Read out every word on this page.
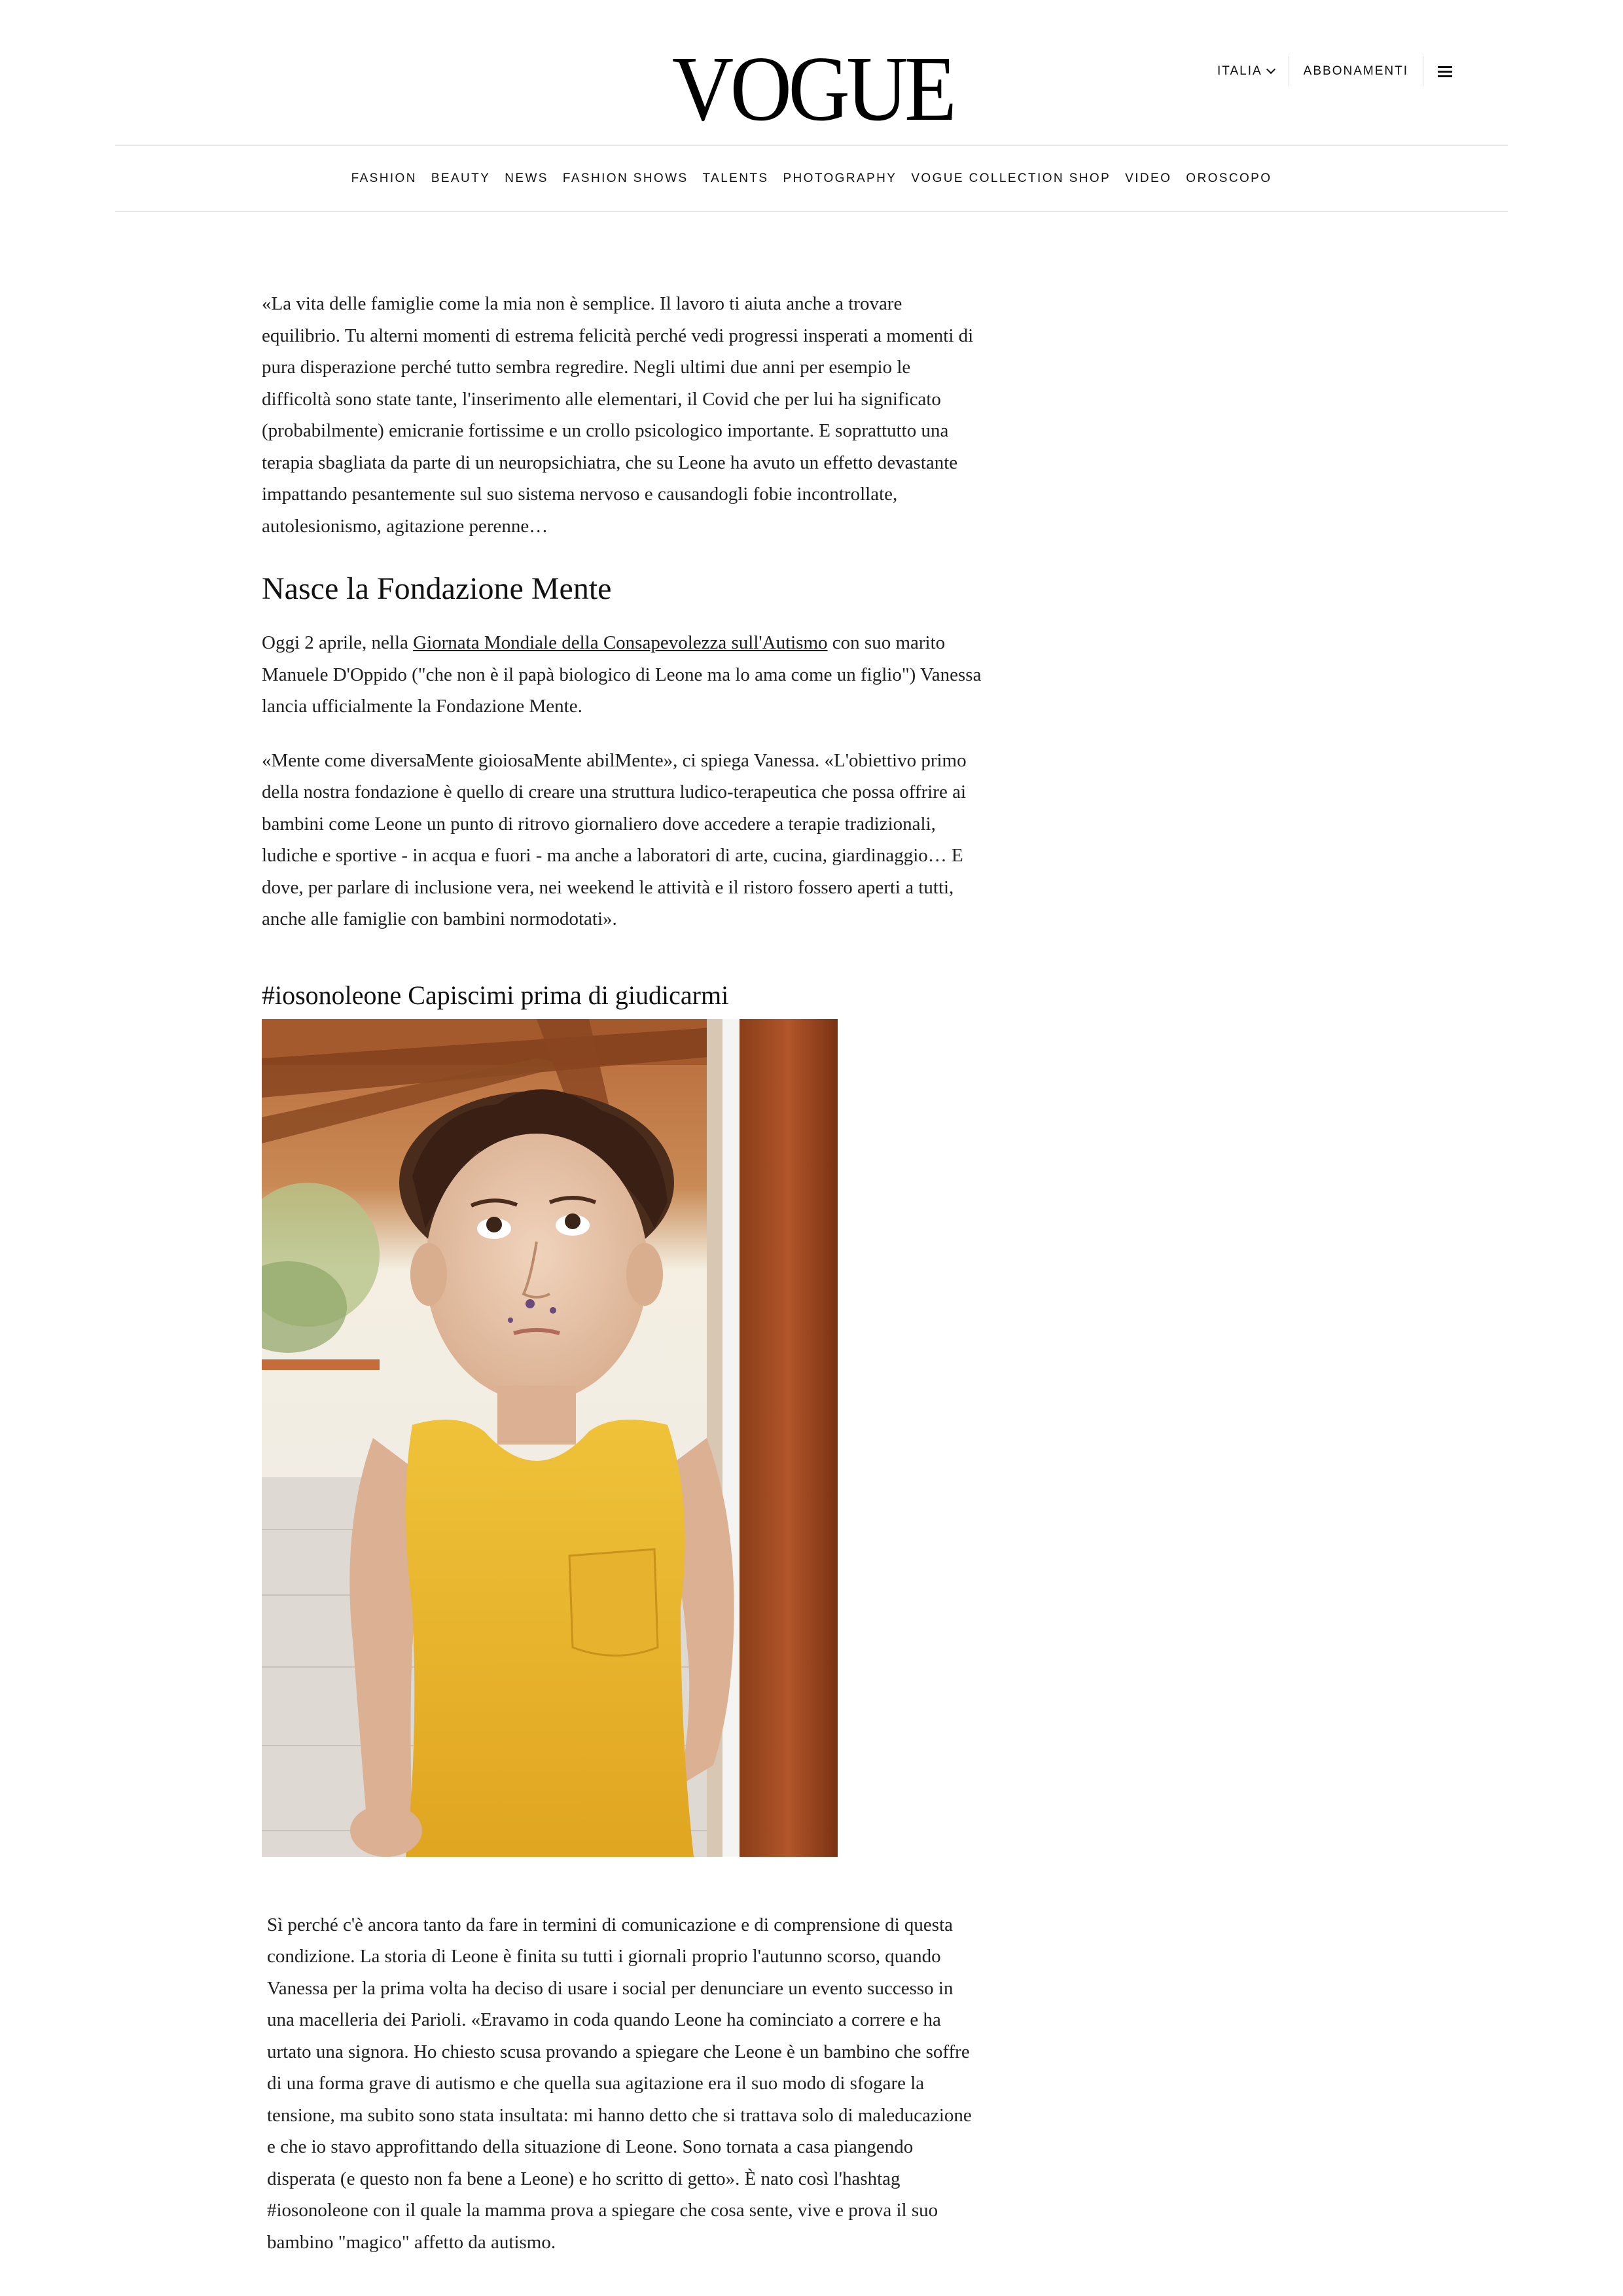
VOGUE	ITALIA	ABBONAMENTI
FASHION BEAUTY NEWS FASHION SHOWS TALENTS PHOTOGRAPHY VOGUE COLLECTION SHOP VIDEO OROSCOPO

«La vita delle famiglie come la mia non è semplice. Il lavoro ti aiuta anche a trovare equilibrio. Tu alterni momenti di estrema felicità perché vedi progressi insperati a momenti di pura disperazione perché tutto sembra regredire. Negli ultimi due anni per esempio le difficoltà sono state tante, l'inserimento alle elementari, il Covid che per lui ha significato (probabilmente) emicranie fortissime e un crollo psicologico importante. E soprattutto una terapia sbagliata da parte di un neuropsichiatra, che su Leone ha avuto un effetto devastante impattando pesantemente sul suo sistema nervoso e causandogli fobie incontrollate, autolesionismo, agitazione perenne…

Nasce la Fondazione Mente

Oggi 2 aprile, nella Giornata Mondiale della Consapevolezza sull'Autismo con suo marito Manuele D'Oppido ("che non è il papà biologico di Leone ma lo ama come un figlio") Vanessa lancia ufficialmente la Fondazione Mente.

«Mente come diversaMente gioiosaMente abilMente», ci spiega Vanessa. «L'obiettivo primo della nostra fondazione è quello di creare una struttura ludico-terapeutica che possa offrire ai bambini come Leone un punto di ritrovo giornaliero dove accedere a terapie tradizionali, ludiche e sportive - in acqua e fuori - ma anche a laboratori di arte, cucina, giardinaggio… E dove, per parlare di inclusione vera, nei weekend le attività e il ristoro fossero aperti a tutti, anche alle famiglie con bambini normodotati».

#iosonoleone Capiscimi prima di giudicarmi

Sì perché c'è ancora tanto da fare in termini di comunicazione e di comprensione di questa condizione. La storia di Leone è finita su tutti i giornali proprio l'autunno scorso, quando Vanessa per la prima volta ha deciso di usare i social per denunciare un evento successo in una macelleria dei Parioli. «Eravamo in coda quando Leone ha cominciato a correre e ha urtato una signora. Ho chiesto scusa provando a spiegare che Leone è un bambino che soffre di una forma grave di autismo e che quella sua agitazione era il suo modo di sfogare la tensione, ma subito sono stata insultata: mi hanno detto che si trattava solo di maleducazione e che io stavo approfittando della situazione di Leone. Sono tornata a casa piangendo disperata (e questo non fa bene a Leone) e ho scritto di getto». È nato così l'hashtag #iosonoleone con il quale la mamma prova a spiegare che cosa sente, vive e prova il suo bambino "magico" affetto da autismo.
